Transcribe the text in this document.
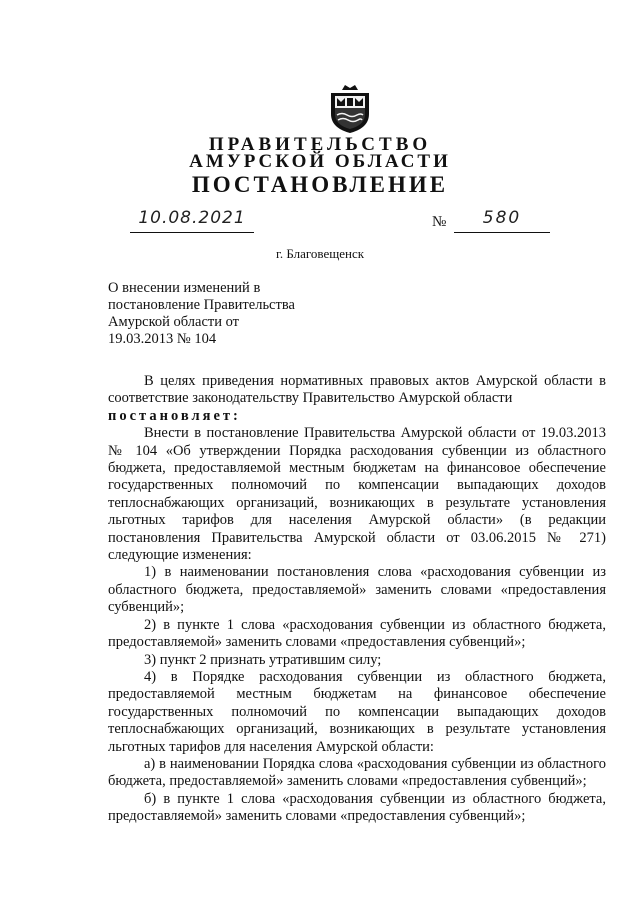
ПРАВИТЕЛЬСТВО
АМУРСКОЙ ОБЛАСТИ
ПОСТАНОВЛЕНИЕ
10.08.2021	№	580
г. Благовещенск
О внесении изменений в
постановление Правительства
Амурской области от
19.03.2013 № 104

В целях приведения нормативных правовых актов Амурской области в соответствие законодательству Правительство Амурской области

постановляет:

Внести в постановление Правительства Амурской области от 19.03.2013 № 104 «Об утверждении Порядка расходования субвенции из областного бюджета, предоставляемой местным бюджетам на финансовое обеспечение государственных полномочий по компенсации выпадающих доходов теплоснабжающих организаций, возникающих в результате установления льготных тарифов для населения Амурской области» (в редакции постановления Правительства Амурской области от 03.06.2015 № 271) следующие изменения:

1) в наименовании постановления слова «расходования субвенции из областного бюджета, предоставляемой» заменить словами «предоставления субвенций»;

2) в пункте 1 слова «расходования субвенции из областного бюджета, предоставляемой» заменить словами «предоставления субвенций»;

3) пункт 2 признать утратившим силу;

4) в Порядке расходования субвенции из областного бюджета, предоставляемой местным бюджетам на финансовое обеспечение государственных полномочий по компенсации выпадающих доходов теплоснабжающих организаций, возникающих в результате установления льготных тарифов для населения Амурской области:

а) в наименовании Порядка слова «расходования субвенции из областного бюджета, предоставляемой» заменить словами «предоставления субвенций»;

б) в пункте 1 слова «расходования субвенции из областного бюджета, предоставляемой» заменить словами «предоставления субвенций»;
